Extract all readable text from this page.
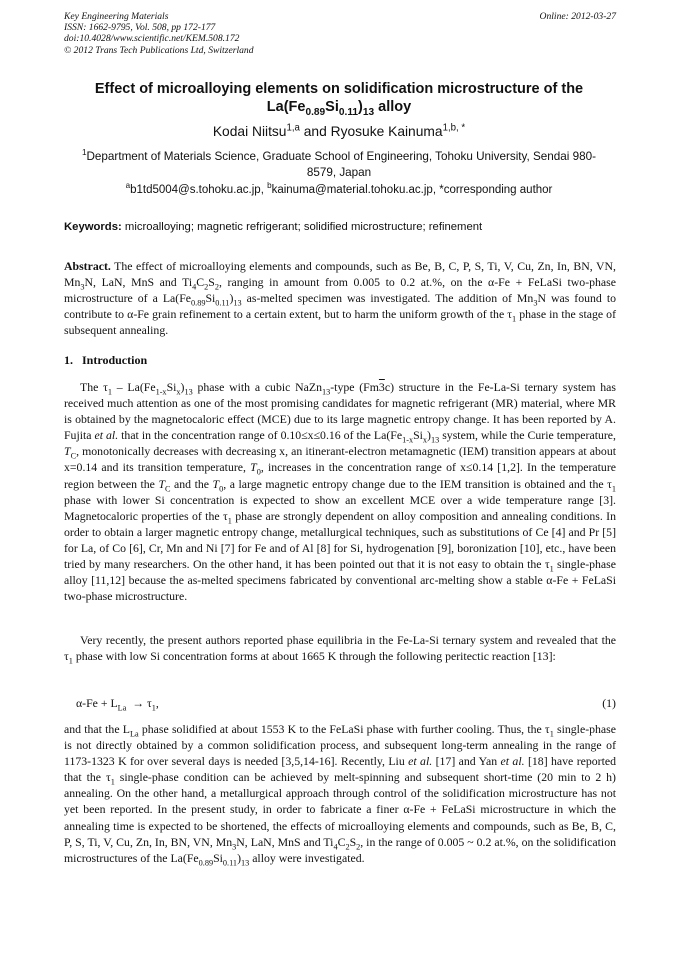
Key Engineering Materials
ISSN: 1662-9795, Vol. 508, pp 172-177
doi:10.4028/www.scientific.net/KEM.508.172
© 2012 Trans Tech Publications Ltd, Switzerland
Online: 2012-03-27
Effect of microalloying elements on solidification microstructure of the
$La(Fe_{0.89}Si_{0.11})_{13}$ alloy
Kodai Niitsu$^{1,a}$ and Ryosuke Kainuma$^{1,b, *}$
$^1$Department of Materials Science, Graduate School of Engineering, Tohoku University, Sendai 980-8579, Japan
$^a$b1td5004@s.tohoku.ac.jp, $^b$kainuma@material.tohoku.ac.jp, *corresponding author
Keywords: microalloying; magnetic refrigerant; solidified microstructure; refinement
Abstract. The effect of microalloying elements and compounds, such as Be, B, C, P, S, Ti, V, Cu, Zn, In, BN, VN, $Mn_3N$, LaN, MnS and $Ti_4C_2S_2$, ranging in amount from 0.005 to 0.2 at.%, on the α-Fe + FeLaSi two-phase microstructure of a $La(Fe_{0.89}Si_{0.11})_{13}$ as-melted specimen was investigated. The addition of $Mn_3N$ was found to contribute to α-Fe grain refinement to a certain extent, but to harm the uniform growth of the $\tau_1$ phase in the stage of subsequent annealing.
1.   Introduction
The $\tau_1 - La(Fe_{1-x}Si_x)_{13}$ phase with a cubic NaZn$_{13}$-type (Fm3c) structure in the Fe-La-Si ternary system has received much attention as one of the most promising candidates for magnetic refrigerant (MR) material, where MR is obtained by the magnetocaloric effect (MCE) due to its large magnetic entropy change. It has been reported by A. Fujita et al. that in the concentration range of 0.10≤x≤0.16 of the $La(Fe_{1-x}Si_x)_{13}$ system, while the Curie temperature, $T_C$, monotonically decreases with decreasing x, an itinerant-electron metamagnetic (IEM) transition appears at about x=0.14 and its transition temperature, $T_0$, increases in the concentration range of x≤0.14 [1,2]. In the temperature region between the $T_C$ and the $T_0$, a large magnetic entropy change due to the IEM transition is obtained and the $\tau_1$ phase with lower Si concentration is expected to show an excellent MCE over a wide temperature range [3]. Magnetocaloric properties of the $\tau_1$ phase are strongly dependent on alloy composition and annealing conditions. In order to obtain a larger magnetic entropy change, metallurgical techniques, such as substitutions of Ce [4] and Pr [5] for La, of Co [6], Cr, Mn and Ni [7] for Fe and of Al [8] for Si, hydrogenation [9], boronization [10], etc., have been tried by many researchers. On the other hand, it has been pointed out that it is not easy to obtain the $\tau_1$ single-phase alloy [11,12] because the as-melted specimens fabricated by conventional arc-melting show a stable α-Fe + FeLaSi two-phase microstructure.
Very recently, the present authors reported phase equilibria in the Fe-La-Si ternary system and revealed that the $\tau_1$ phase with low Si concentration forms at about 1665 K through the following peritectic reaction [13]:
$\alpha-Fe + L_{La} \to \tau_1$,	(1)
and that the $L_{La}$ phase solidified at about 1553 K to the FeLaSi phase with further cooling. Thus, the $\tau_1$ single-phase is not directly obtained by a common solidification process, and subsequent long-term annealing in the range of 1173-1323 K for over several days is needed [3,5,14-16]. Recently, Liu et al. [17] and Yan et al. [18] have reported that the $\tau_1$ single-phase condition can be achieved by melt-spinning and subsequent short-time (20 min to 2 h) annealing. On the other hand, a metallurgical approach through control of the solidification microstructure has not yet been reported. In the present study, in order to fabricate a finer α-Fe + FeLaSi microstructure in which the annealing time is expected to be shortened, the effects of microalloying elements and compounds, such as Be, B, C, P, S, Ti, V, Cu, Zn, In, BN, VN, $Mn_3N$, LaN, MnS and $Ti_4C_2S_2$, in the range of 0.005 ~ 0.2 at.%, on the solidification microstructures of the $La(Fe_{0.89}Si_{0.11})_{13}$ alloy were investigated.
